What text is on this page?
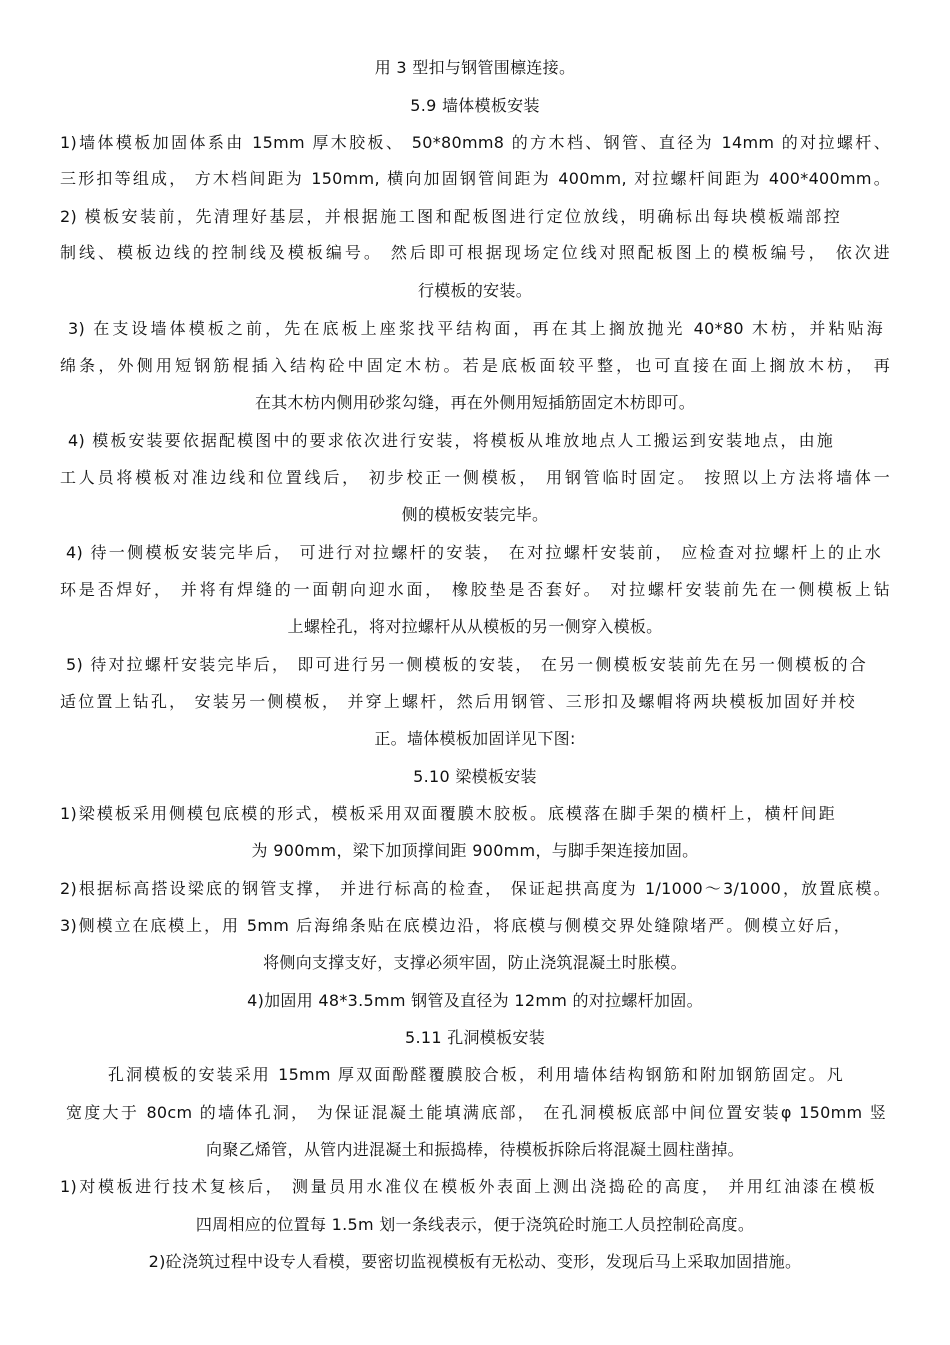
用 3 型扣与钢管围檩连接。
5.9 墙体模板安装
1)墙体模板加固体系由 15mm 厚木胶板、 50*80mm8 的方木档、钢管、直径为 14mm 的对拉螺杆、
三形扣等组成， 方木档间距为 150mm, 横向加固钢管间距为 400mm, 对拉螺杆间距为 400*400mm。
2) 模板安装前，先清理好基层，并根据施工图和配板图进行定位放线，明确标出每块模板端部控
制线、模板边线的控制线及模板编号。 然后即可根据现场定位线对照配板图上的模板编号， 依次进
行模板的安装。
3) 在支设墙体模板之前，先在底板上座浆找平结构面，再在其上搁放抛光 40*80 木枋，并粘贴海
绵条，外侧用短钢筋棍插入结构砼中固定木枋。若是底板面较平整，也可直接在面上搁放木枋， 再
在其木枋内侧用砂浆勾缝，再在外侧用短插筋固定木枋即可。
4) 模板安装要依据配模图中的要求依次进行安装，将模板从堆放地点人工搬运到安装地点，由施
工人员将模板对准边线和位置线后， 初步校正一侧模板， 用钢管临时固定。 按照以上方法将墙体一
侧的模板安装完毕。
4) 待一侧模板安装完毕后， 可进行对拉螺杆的安装， 在对拉螺杆安装前， 应检查对拉螺杆上的止水
环是否焊好， 并将有焊缝的一面朝向迎水面， 橡胶垫是否套好。 对拉螺杆安装前先在一侧模板上钻
上螺栓孔，将对拉螺杆从从模板的另一侧穿入模板。
5) 待对拉螺杆安装完毕后， 即可进行另一侧模板的安装， 在另一侧模板安装前先在另一侧模板的合
适位置上钻孔， 安装另一侧模板， 并穿上螺杆，然后用钢管、三形扣及螺帽将两块模板加固好并校
正。墙体模板加固详见下图:
5.10 梁模板安装
1)梁模板采用侧模包底模的形式，模板采用双面覆膜木胶板。底模落在脚手架的横杆上，横杆间距
为 900mm，梁下加顶撑间距 900mm，与脚手架连接加固。
2)根据标高搭设梁底的钢管支撑， 并进行标高的检查， 保证起拱高度为 1/1000～3/1000，放置底模。
3)侧模立在底模上，用 5mm 后海绵条贴在底模边沿，将底模与侧模交界处缝隙堵严。侧模立好后，
将侧向支撑支好，支撑必须牢固，防止浇筑混凝土时胀模。
4)加固用 48*3.5mm 钢管及直径为 12mm 的对拉螺杆加固。
5.11 孔洞模板安装
孔洞模板的安装采用 15mm 厚双面酚醛覆膜胶合板，利用墙体结构钢筋和附加钢筋固定。凡
宽度大于 80cm 的墙体孔洞， 为保证混凝土能填满底部， 在孔洞模板底部中间位置安装φ 150mm 竖
向聚乙烯管，从管内进混凝土和振捣棒，待模板拆除后将混凝土圆柱凿掉。
1)对模板进行技术复核后， 测量员用水准仪在模板外表面上测出浇捣砼的高度， 并用红油漆在模板
四周相应的位置每 1.5m 划一条线表示，便于浇筑砼时施工人员控制砼高度。
2)砼浇筑过程中设专人看模，要密切监视模板有无松动、变形，发现后马上采取加固措施。
